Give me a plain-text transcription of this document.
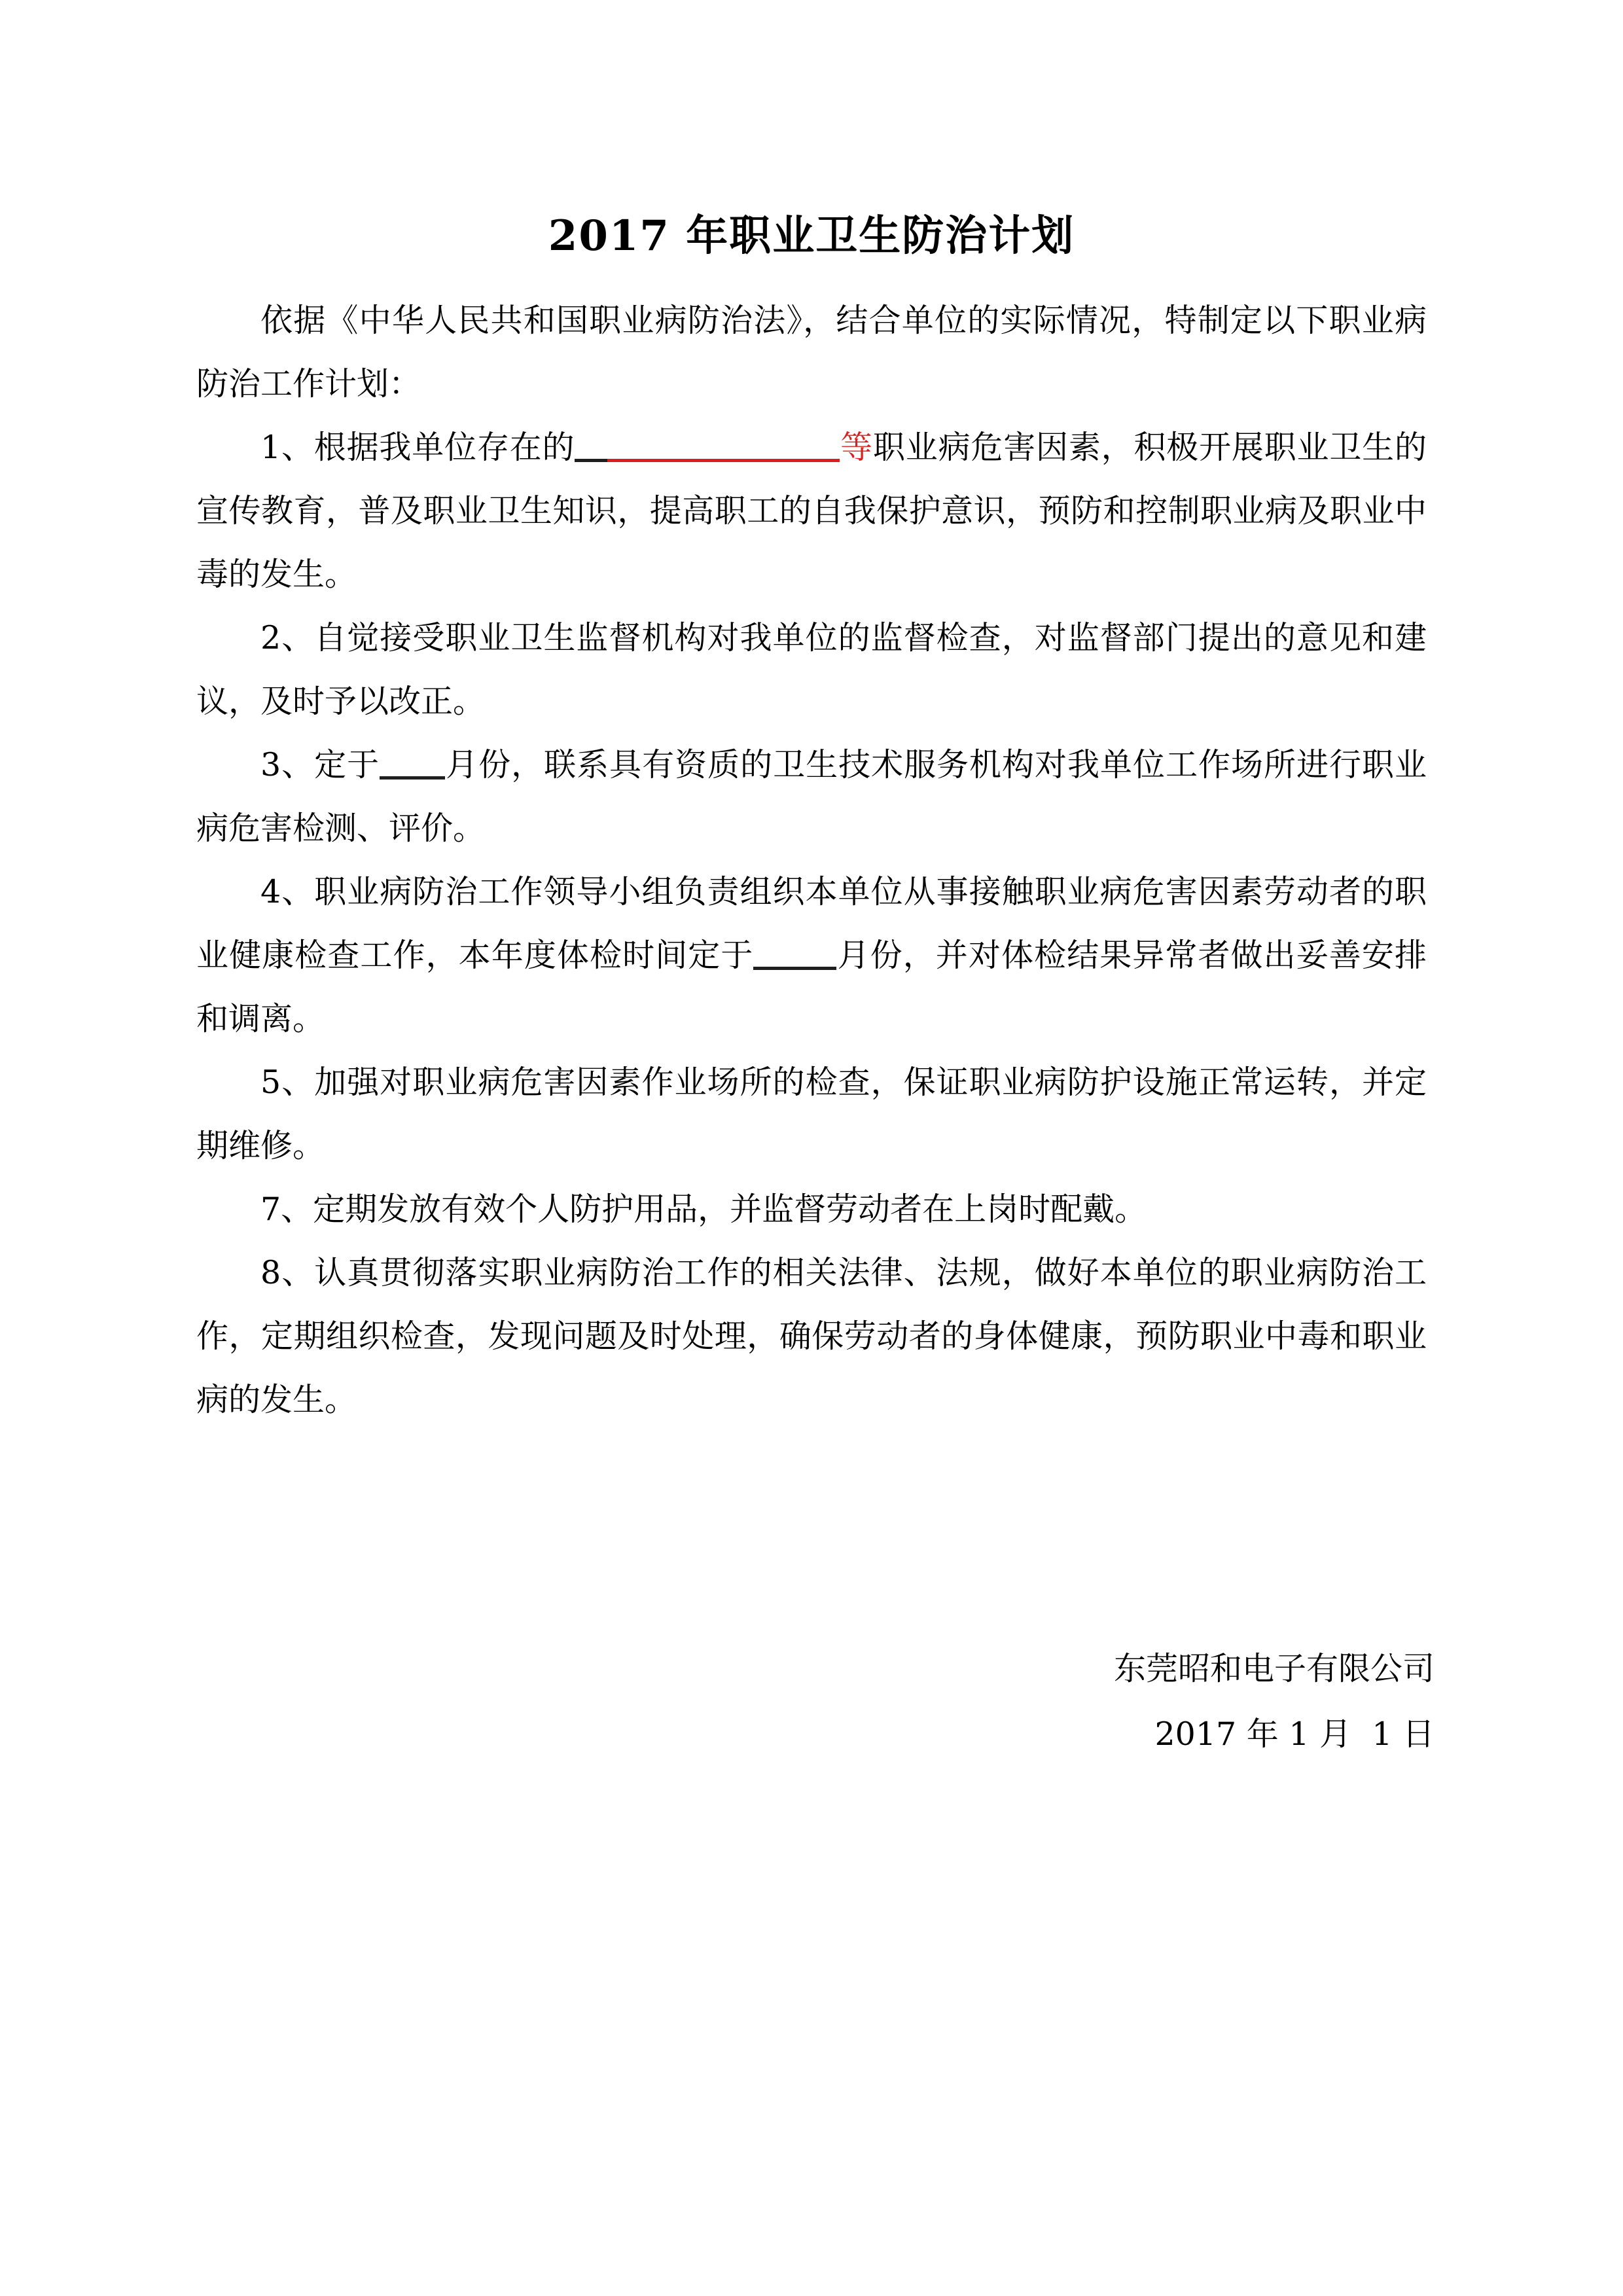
2017 年职业卫生防治计划

依据《中华人民共和国职业病防治法》，结合单位的实际情况，特制定以下职业病防治工作计划：

1、根据我单位存在的	等职业病危害因素，积极开展职业卫生的宣传教育，普及职业卫生知识，提高职工的自我保护意识，预防和控制职业病及职业中毒的发生。

2、自觉接受职业卫生监督机构对我单位的监督检查，对监督部门提出的意见和建议，及时予以改正。

3、定于 月份，联系具有资质的卫生技术服务机构对我单位工作场所进行职业病危害检测、评价。

4、职业病防治工作领导小组负责组织本单位从事接触职业病危害因素劳动者的职业健康检查工作，本年度体检时间定于	月份，并对体检结果异常者做出妥善安排和调离。

5、加强对职业病危害因素作业场所的检查，保证职业病防护设施正常运转，并定期维修。

7、定期发放有效个人防护用品，并监督劳动者在上岗时配戴。

8、认真贯彻落实职业病防治工作的相关法律、法规，做好本单位的职业病防治工作，定期组织检查，发现问题及时处理，确保劳动者的身体健康，预防职业中毒和职业病的发生。

东莞昭和电子有限公司

2017 年 1 月  1 日
